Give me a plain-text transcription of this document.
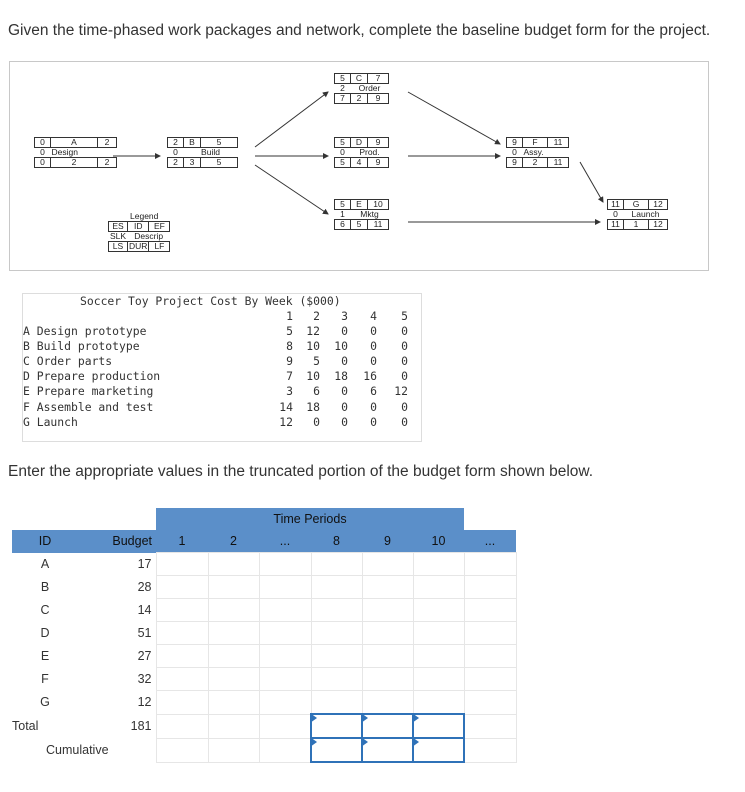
Given the time-phased work packages and network, complete the baseline budget form for the project.
0	A	2
0	Design	
0	2	2
2	B	5
0	Build	
2	3	5
5	C	7
2	Order	
7	2	9
5	D	9
0	Prod.	
5	4	9
5	E	10
1	Mktg	
6	5	11
9	F	11
0	Assy.	
9	2	11
11	G	12
0	Launch	
11	1	12
Legend
ES	ID	EF
SLK	Descrip	
LS	DUR	LF
Soccer Toy Project Cost By Week ($000)
1	2	3	4	5
A Design prototype	5	12	0	0	0
B Build prototype	8	10	10	0	0
C Order parts	9	5	0	0	0
D Prepare production	7	10	18	16	0
E Prepare marketing	3	6	0	6	12
F Assemble and test	14	18	0	0	0
G Launch	12	0	0	0	0
Enter the appropriate values in the truncated portion of the budget form shown below.
		Time Periods						
ID	Budget	1	2	...	8	9	10	...
A	17							
B	28							
C	14							
D	51							
E	27							
F	32							
G	12							
Total	181							
Cumulative								
